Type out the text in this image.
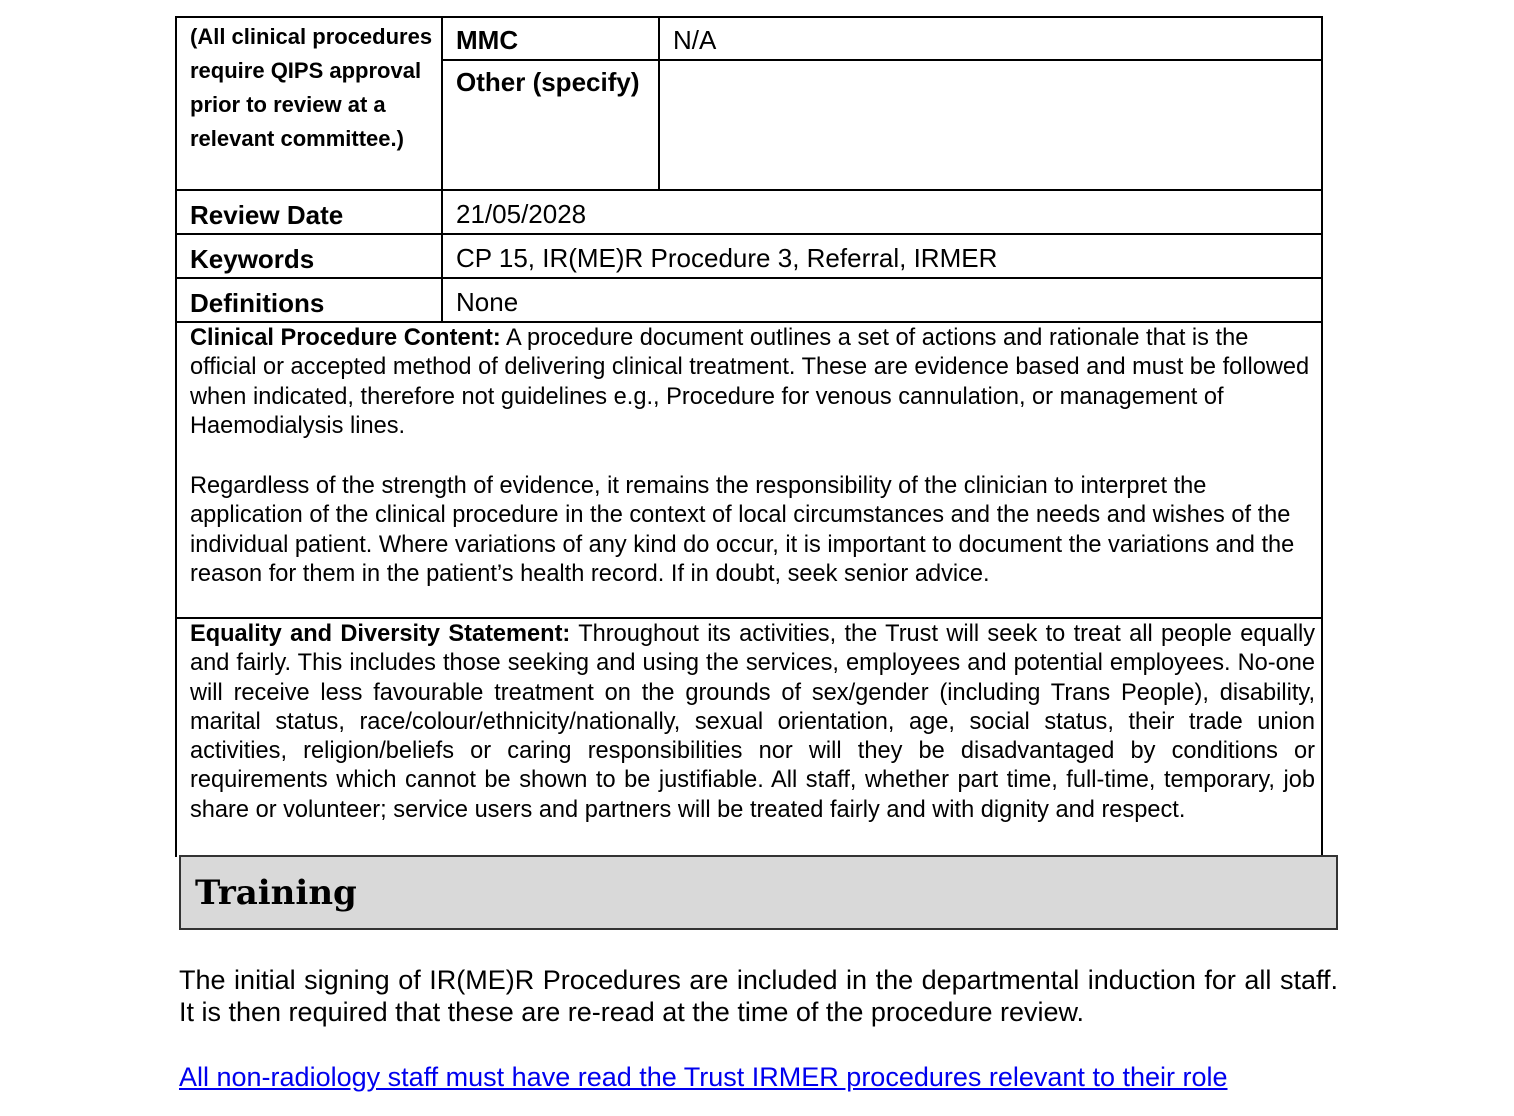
(All clinical procedures require QIPS approval prior to review at a relevant committee.)
MMC	N/A
Other (specify)
Review Date	21/05/2028
Keywords	CP 15, IR(ME)R Procedure 3, Referral, IRMER
Definitions	None
Clinical Procedure Content: A procedure document outlines a set of actions and rationale that is the official or accepted method of delivering clinical treatment. These are evidence based and must be followed when indicated, therefore not guidelines e.g., Procedure for venous cannulation, or management of Haemodialysis lines.
Regardless of the strength of evidence, it remains the responsibility of the clinician to interpret the application of the clinical procedure in the context of local circumstances and the needs and wishes of the individual patient. Where variations of any kind do occur, it is important to document the variations and the reason for them in the patient’s health record. If in doubt, seek senior advice.
Equality and Diversity Statement: Throughout its activities, the Trust will seek to treat all people equally and fairly. This includes those seeking and using the services, employees and potential employees. No-one will receive less favourable treatment on the grounds of sex/gender (including Trans People), disability, marital status, race/colour/ethnicity/nationally, sexual orientation, age, social status, their trade union activities, religion/beliefs or caring responsibilities nor will they be disadvantaged by conditions or requirements which cannot be shown to be justifiable. All staff, whether part time, full-time, temporary, job share or volunteer; service users and partners will be treated fairly and with dignity and respect.
Training
The initial signing of IR(ME)R Procedures are included in the departmental induction for all staff. It is then required that these are re-read at the time of the procedure review.
All non-radiology staff must have read the Trust IRMER procedures relevant to their role
